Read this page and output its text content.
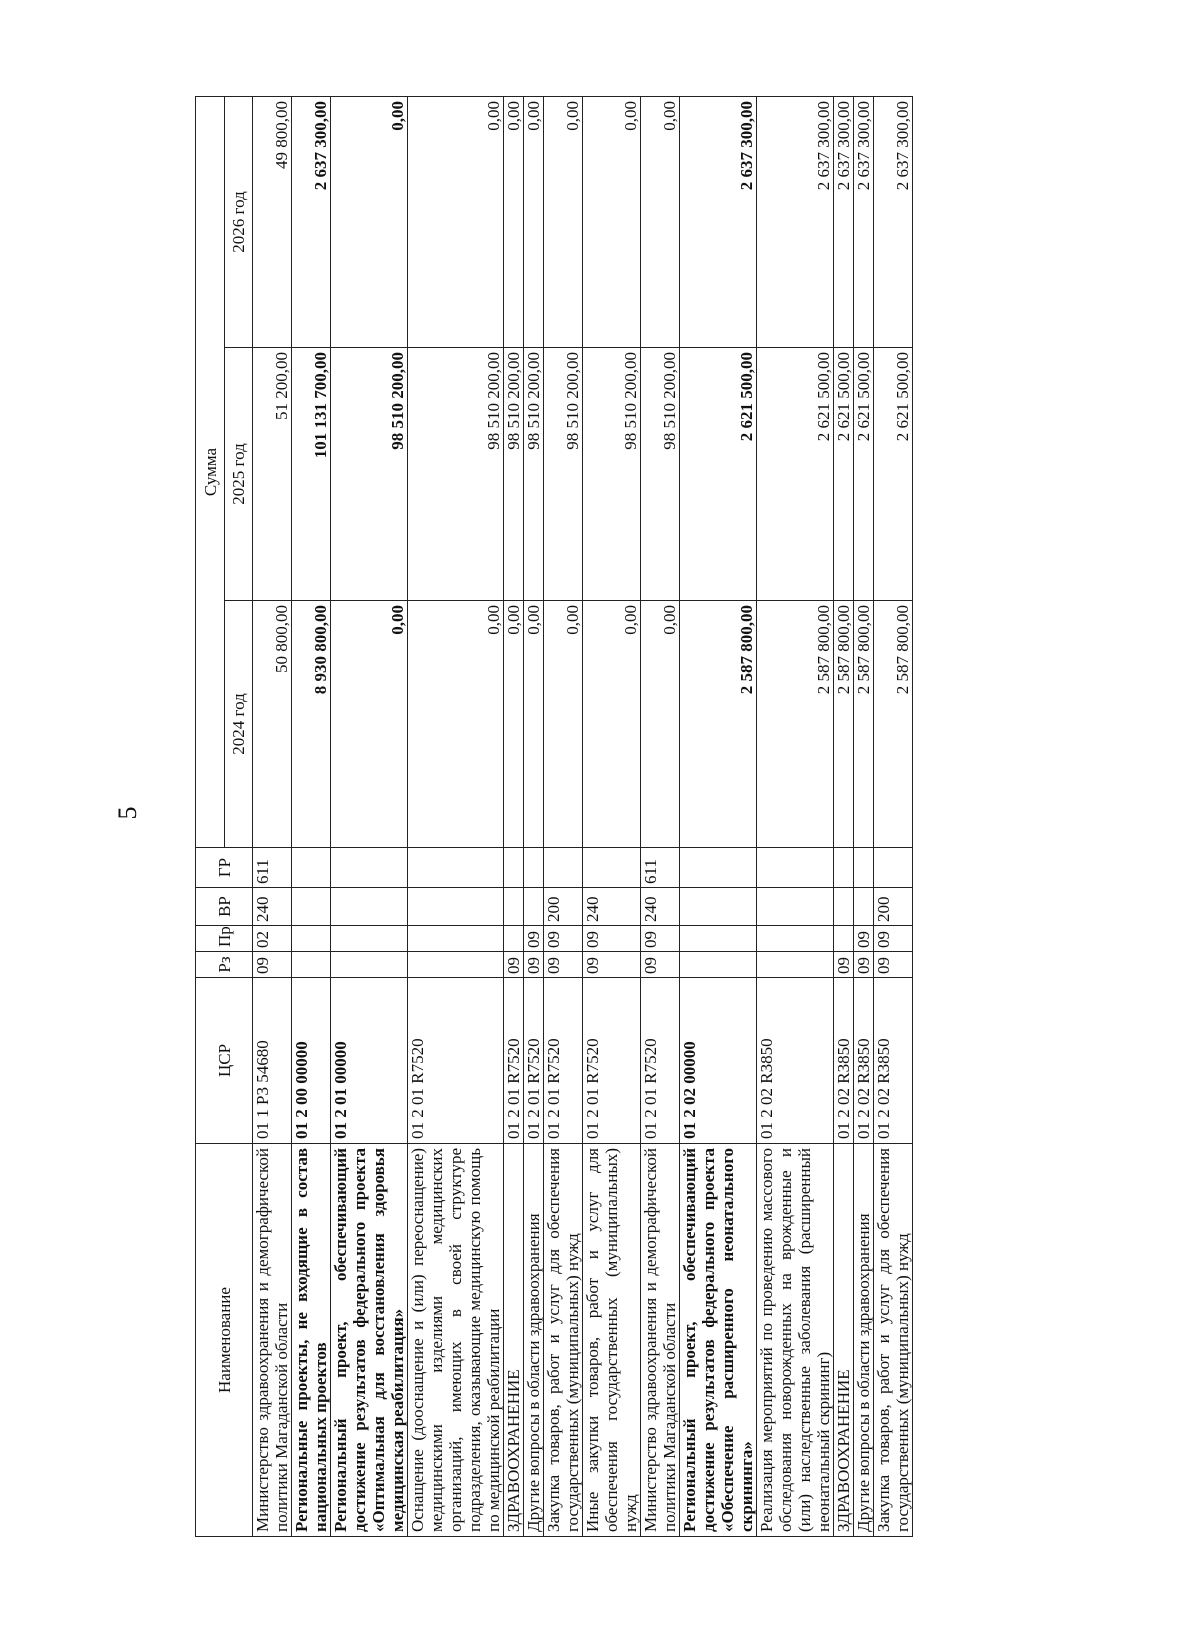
5
Наименование	ЦСР	Рз	Пр	ВР	ГР	Сумма		
						2024 год	2025 год	2026 год
Министерство здравоохранения и демографической политики Магаданской области	01 1 Р3 54680	09	02	240	611	50 800,00	51 200,00	49 800,00
Региональные проекты, не входящие в состав национальных проектов	01 2 00 00000					8 930 800,00	101 131 700,00	2 637 300,00
Региональный проект, обеспечивающий достижение результатов федерального проекта «Оптимальная для восстановления здоровья медицинская реабилитация»	01 2 01 00000					0,00	98 510 200,00	0,00
Оснащение (дооснащение и (или) переоснащение) медицинскими изделиями медицинских организаций, имеющих в своей структуре подразделения, оказывающие медицинскую помощь по медицинской реабилитации	01 2 01 R7520					0,00	98 510 200,00	0,00
ЗДРАВООХРАНЕНИЕ	01 2 01 R7520	09				0,00	98 510 200,00	0,00
Другие вопросы в области здравоохранения	01 2 01 R7520	09	09			0,00	98 510 200,00	0,00
Закупка товаров, работ и услуг для обеспечения государственных (муниципальных) нужд	01 2 01 R7520	09	09	200		0,00	98 510 200,00	0,00
Иные закупки товаров, работ и услуг для обеспечения государственных (муниципальных) нужд	01 2 01 R7520	09	09	240		0,00	98 510 200,00	0,00
Министерство здравоохранения и демографической политики Магаданской области	01 2 01 R7520	09	09	240	611	0,00	98 510 200,00	0,00
Региональный проект, обеспечивающий достижение результатов федерального проекта «Обеспечение расширенного неонатального скрининга»	01 2 02 00000					2 587 800,00	2 621 500,00	2 637 300,00
Реализация мероприятий по проведению массового обследования новорожденных на врожденные и (или) наследственные заболевания (расширенный неонатальный скрининг)	01 2 02 R3850					2 587 800,00	2 621 500,00	2 637 300,00
ЗДРАВООХРАНЕНИЕ	01 2 02 R3850	09				2 587 800,00	2 621 500,00	2 637 300,00
Другие вопросы в области здравоохранения	01 2 02 R3850	09	09			2 587 800,00	2 621 500,00	2 637 300,00
Закупка товаров, работ и услуг для обеспечения государственных (муниципальных) нужд	01 2 02 R3850	09	09	200		2 587 800,00	2 621 500,00	2 637 300,00
